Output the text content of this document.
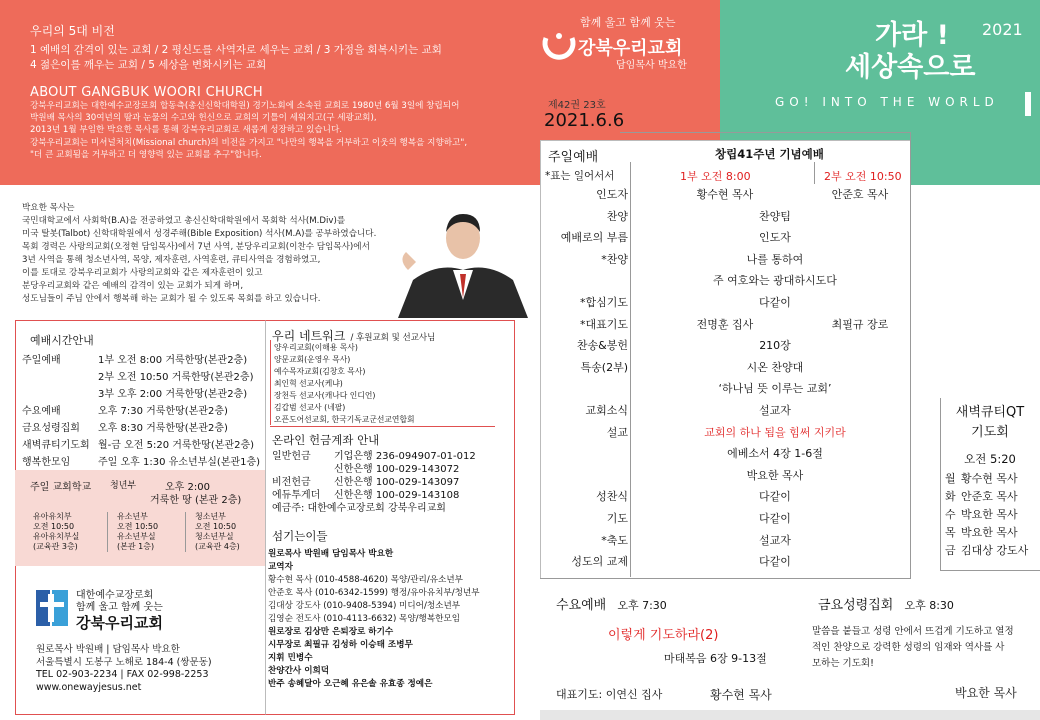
우리의 5대 비전
1 예배의 감격이 있는 교회 / 2 평신도를 사역자로 세우는 교회 / 3 가정을 회복시키는 교회
4 젊은이를 깨우는 교회 / 5 세상을 변화시키는 교회
ABOUT GANGBUK WOORI CHURCH
강북우리교회는 대한예수교장로회 합동측(총신신학대학원) 경기노회에 소속된 교회로 1980년 6월 3일에 창립되어
박원배 목사의 30여년의 땀과 눈물의 수고와 헌신으로 교회의 기틀이 세워지고(구 세광교회),
2013년 1월 부임한 박요한 목사를 통해 강북우리교회로 새롭게 성장하고 있습니다.
강북우리교회는 미셔널처치(Missional church)의 비전을 가지고 "나만의 행복을 거부하고 이웃의 행복을 지향하고",
"더 큰 교회됨을 거부하고 더 영향력 있는 교회를 추구"합니다.
함께 울고 함께 웃는
강북우리교회
담임목사 박요한
제42권 23호
2021.6.6
가라 !
세상속으로
2021
GO! INTO THE WORLD
박요한 목사는
국민대학교에서 사회학(B.A)을 전공하였고 총신신학대학원에서 목회학 석사(M.Div)를
미국 탈봇(Talbot) 신학대학원에서 성경주해(Bible Exposition) 석사(M.A)를 공부하였습니다.
목회 경력은 사랑의교회(오정현 담임목사)에서 7년 사역, 분당우리교회(이찬수 담임목사)에서
3년 사역을 통해 청소년사역, 목양, 제자훈련, 사역훈련, 큐티사역을 경험하였고,
이를 토대로 강북우리교회가 사랑의교회와 같은 제자훈련이 있고
분당우리교회와 같은 예배의 감격이 있는 교회가 되게 하며,
성도님들이 주님 안에서 행복해 하는 교회가 될 수 있도록 목회를 하고 있습니다.
예배시간안내
주일예배	1부 오전 8:00 거룩한땅(본관2층)
2부 오전 10:50 거룩한땅(본관2층)
3부 오후 2:00 거룩한땅(본관2층)
수요예배	오후 7:30 거룩한땅(본관2층)
금요성령집회 오후 8:30 거룩한땅(본관2층)
새벽큐티기도회 월-금 오전 5:20 거룩한땅(본관2층)
행복한모임	주일 오후 1:30 유소년부실(본관1층)
주일 교회학교 청년부	오후 2:00
거룩한 땅 (본관 2층)
유아유치부
오전 10:50
유아유치부실
(교육관 3층)
유소년부
오전 10:50
유소년부실
(본관 1층)
청소년부
오전 10:50
청소년부실
(교육관 4층)
대한예수교장로회
함께 울고 함께 웃는
강북우리교회
원로목사 박원배 | 담임목사 박요한
서울특별시 도봉구 노해로 184-4 (쌍문동)
TEL 02-903-2234 | FAX 02-998-2253
www.onewayjesus.net
우리 네트워크 / 후원교회 및 선교사님
양우리교회(이해용 목사)
양문교회(운영우 목사)
예수목자교회(김창호 목사)
최인혁 선교사(케냐)
장천득 선교사(캐나다 인디언)
김갑범 선교사 (네팔)
오픈도어선교회, 한국기독교군선교연합회
온라인 헌금계좌 안내
일반헌금 기업은행 236-094907-01-012
신한은행 100-029-143072
비전헌금 신한은행 100-029-143097
에듀투게더 신한은행 100-029-143108
예금주: 대한예수교장로회 강북우리교회
섬기는이들
원로목사 박원배 담임목사 박요한
교역자
황수현 목사 (010-4588-4620) 목양/관리/유소년부
안준호 목사 (010-6342-1599) 행정/유아유치부/청년부
김대상 강도사 (010-9408-5394) 미디어/청소년부
김영순 전도사 (010-4113-6632) 목양/행복한모임
원로장로 김상만 은퇴장로 하기수
시무장로 최필규 김성하 이승태 조병무
지휘 민병수
찬양간사 이희덕
반주 송혜달아 오근혜 유은솔 유효종 정예은
주일예배	창립41주년 기념예배
*표는 일어서서	1부 오전 8:00	2부 오전 10:50
인도자	황수현 목사	안준호 목사
찬양	찬양팀
예배로의 부름	인도자
*찬양	나를 통하여
주 여호와는 광대하시도다
*합심기도	다같이
*대표기도	전명훈 집사	최필규 장로
찬송&봉헌	210장
특송(2부)	시온 찬양대
‘하나님 뜻 이루는 교회’
교회소식	설교자
설교	교회의 하나 됨을 힘써 지키라
에베소서 4장 1-6절
박요한 목사
성찬식	다같이
기도	다같이
*축도	설교자
성도의 교제	다같이
새벽큐티QT
기도회
오전 5:20
월 황수현 목사
화 안준호 목사
수 박요한 목사
목 박요한 목사
금 김대상 강도사
수요예배 오후 7:30
이렇게 기도하라(2)
마태복음 6장 9-13절
대표기도: 이연신 집사	황수현 목사
금요성령집회 오후 8:30
말씀을 붙들고 성령 안에서 뜨겁게 기도하고 열정
적인 찬양으로 강력한 성령의 임재와 역사를 사
모하는 기도회!
박요한 목사
